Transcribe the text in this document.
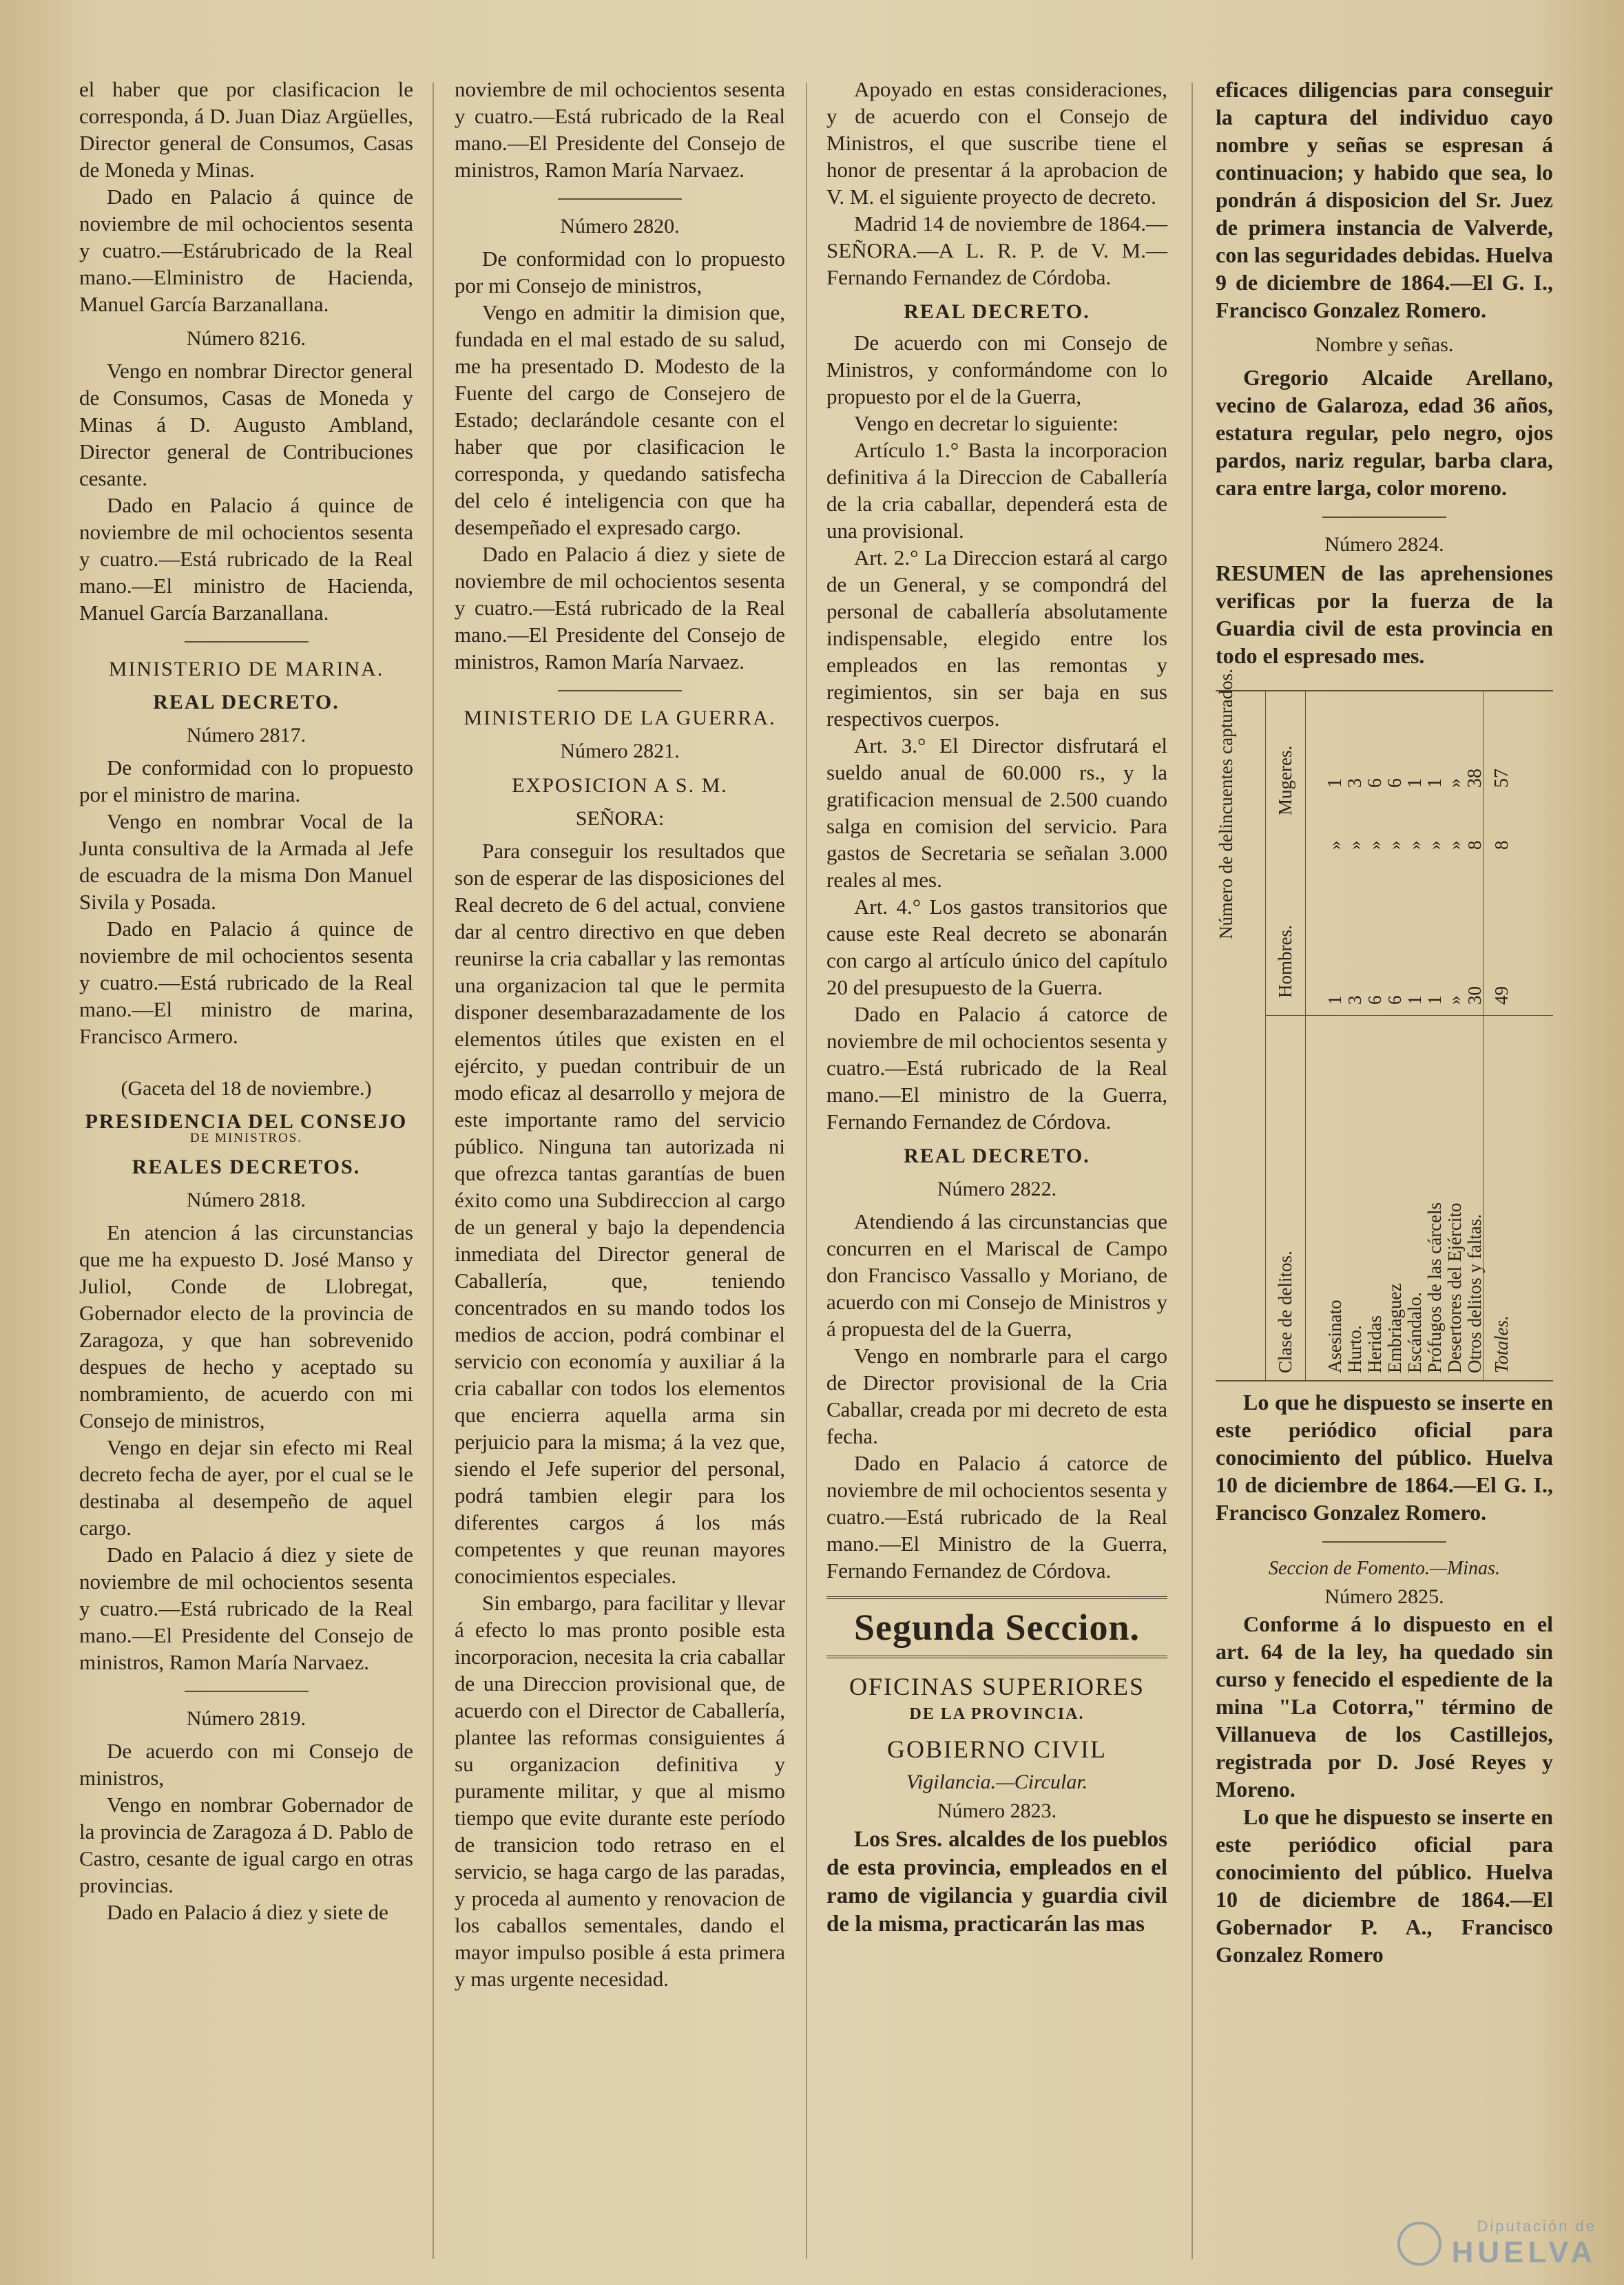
el haber que por clasificacion le corresponda, á D. Juan Diaz Argüelles, Director general de Consumos, Casas de Moneda y Minas.

Dado en Palacio á quince de noviembre de mil ochocientos sesenta y cuatro.—Estárubricado de la Real mano.—Elministro de Hacienda, Manuel García Barzanallana.

Número 8216.

Vengo en nombrar Director general de Consumos, Casas de Moneda y Minas á D. Augusto Ambland, Director general de Contribuciones cesante.

Dado en Palacio á quince de noviembre de mil ochocientos sesenta y cuatro.—Está rubricado de la Real mano.—El ministro de Hacienda, Manuel García Barzanallana.

MINISTERIO DE MARINA.
REAL DECRETO.
Número 2817.

De conformidad con lo propuesto por el ministro de marina.

Vengo en nombrar Vocal de la Junta consultiva de la Armada al Jefe de escuadra de la misma Don Manuel Sivila y Posada.

Dado en Palacio á quince de noviembre de mil ochocientos sesenta y cuatro.—Está rubricado de la Real mano.—El ministro de marina, Francisco Armero.

(Gaceta del 18 de noviembre.)
PRESIDENCIA DEL CONSEJO
DE MINISTROS.
REALES DECRETOS.
Número 2818.

En atencion á las circunstancias que me ha expuesto D. José Manso y Juliol, Conde de Llobregat, Gobernador electo de la provincia de Zaragoza, y que han sobrevenido despues de hecho y aceptado su nombramiento, de acuerdo con mi Consejo de ministros,

Vengo en dejar sin efecto mi Real decreto fecha de ayer, por el cual se le destinaba al desempeño de aquel cargo.

Dado en Palacio á diez y siete de noviembre de mil ochocientos sesenta y cuatro.—Está rubricado de la Real mano.—El Presidente del Consejo de ministros, Ramon María Narvaez.

Número 2819.

De acuerdo con mi Consejo de ministros,

Vengo en nombrar Gobernador de la provincia de Zaragoza á D. Pablo de Castro, cesante de igual cargo en otras provincias.

Dado en Palacio á diez y siete de

noviembre de mil ochocientos sesenta y cuatro.—Está rubricado de la Real mano.—El Presidente del Consejo de ministros, Ramon María Narvaez.

Número 2820.

De conformidad con lo propuesto por mi Consejo de ministros,

Vengo en admitir la dimision que, fundada en el mal estado de su salud, me ha presentado D. Modesto de la Fuente del cargo de Consejero de Estado; declarándole cesante con el haber que por clasificacion le corresponda, y quedando satisfecha del celo é inteligencia con que ha desempeñado el expresado cargo.

Dado en Palacio á diez y siete de noviembre de mil ochocientos sesenta y cuatro.—Está rubricado de la Real mano.—El Presidente del Consejo de ministros, Ramon María Narvaez.

MINISTERIO DE LA GUERRA.
Número 2821.
EXPOSICION A S. M.
SEÑORA:

Para conseguir los resultados que son de esperar de las disposiciones del Real decreto de 6 del actual, conviene dar al centro directivo en que deben reunirse la cria caballar y las remontas una organizacion tal que le permita disponer desembarazadamente de los elementos útiles que existen en el ejército, y puedan contribuir de un modo eficaz al desarrollo y mejora de este importante ramo del servicio público. Ninguna tan autorizada ni que ofrezca tantas garantías de buen éxito como una Subdireccion al cargo de un general y bajo la dependencia inmediata del Director general de Caballería, que, teniendo concentrados en su mando todos los medios de accion, podrá combinar el servicio con economía y auxiliar á la cria caballar con todos los elementos que encierra aquella arma sin perjuicio para la misma; á la vez que, siendo el Jefe superior del personal, podrá tambien elegir para los diferentes cargos á los más competentes y que reunan mayores conocimientos especiales.

Sin embargo, para facilitar y llevar á efecto lo mas pronto posible esta incorporacion, necesita la cria caballar de una Direccion provisional que, de acuerdo con el Director de Caballería, plantee las reformas consiguientes á su organizacion definitiva y puramente militar, y que al mismo tiempo que evite durante este período de transicion todo retraso en el servicio, se haga cargo de las paradas, y proceda al aumento y renovacion de los caballos sementales, dando el mayor impulso posible á esta primera y mas urgente necesidad.

Apoyado en estas consideraciones, y de acuerdo con el Consejo de Ministros, el que suscribe tiene el honor de presentar á la aprobacion de V. M. el siguiente proyecto de decreto.

Madrid 14 de noviembre de 1864.—SEÑORA.—A L. R. P. de V. M.—Fernando Fernandez de Córdoba.

REAL DECRETO.

De acuerdo con mi Consejo de Ministros, y conformándome con lo propuesto por el de la Guerra,

Vengo en decretar lo siguiente:

Artículo 1.° Basta la incorporacion definitiva á la Direccion de Caballería de la cria caballar, dependerá esta de una provisional.

Art. 2.° La Direccion estará al cargo de un General, y se compondrá del personal de caballería absolutamente indispensable, elegido entre los empleados en las remontas y regimientos, sin ser baja en sus respectivos cuerpos.

Art. 3.° El Director disfrutará el sueldo anual de 60.000 rs., y la gratificacion mensual de 2.500 cuando salga en comision del servicio. Para gastos de Secretaria se señalan 3.000 reales al mes.

Art. 4.° Los gastos transitorios que cause este Real decreto se abonarán con cargo al artículo único del capítulo 20 del presupuesto de la Guerra.

Dado en Palacio á catorce de noviembre de mil ochocientos sesenta y cuatro.—Está rubricado de la Real mano.—El ministro de la Guerra, Fernando Fernandez de Córdova.

REAL DECRETO.
Número 2822.

Atendiendo á las circunstancias que concurren en el Mariscal de Campo don Francisco Vassallo y Moriano, de acuerdo con mi Consejo de Ministros y á propuesta del de la Guerra,

Vengo en nombrarle para el cargo de Director provisional de la Cria Caballar, creada por mi decreto de esta fecha.

Dado en Palacio á catorce de noviembre de mil ochocientos sesenta y cuatro.—Está rubricado de la Real mano.—El Ministro de la Guerra, Fernando Fernandez de Córdova.

Segunda Seccion.
OFICINAS SUPERIORES
DE LA PROVINCIA.
GOBIERNO CIVIL
Vigilancia.—Circular.
Número 2823.

Los Sres. alcaldes de los pueblos de esta provincia, empleados en el ramo de vigilancia y guardia civil de la misma, practicarán las mas

eficaces diligencias para conseguir la captura del individuo cayo nombre y señas se espresan á continuacion; y habido que sea, lo pondrán á disposicion del Sr. Juez de primera instancia de Valverde, con las seguridades debidas. Huelva 9 de diciembre de 1864.—El G. I., Francisco Gonzalez Romero.

Nombre y señas.

Gregorio Alcaide Arellano, vecino de Galaroza, edad 36 años, estatura regular, pelo negro, ojos pardos, nariz regular, barba clara, cara entre larga, color moreno.

Número 2824.

RESUMEN de las aprehensiones verificas por la fuerza de la Guardia civil de esta provincia en todo el espresado mes.

Número de delincuentes capturados.
Hombres.
Mugeres.
Clase de delitos. Asesinato
1
»
Hurto.
3
»
Heridas
6
»
Embriaguez
6
»
Escándalo.
1
»
Prófugos de las cárcels
1
»
Desertores del Ejército
»
»
Otros delitos y faltas.
30
8
Totales.
49
8
1
3
6
6
1
1
»
38 57

Lo que he dispuesto se inserte en este periódico oficial para conocimiento del público. Huelva 10 de diciembre de 1864.—El G. I., Francisco Gonzalez Romero.

Seccion de Fomento.—Minas.
Número 2825.

Conforme á lo dispuesto en el art. 64 de la ley, ha quedado sin curso y fenecido el espediente de la mina "La Cotorra," término de Villanueva de los Castillejos, registrada por D. José Reyes y Moreno.

Lo que he dispuesto se inserte en este periódico oficial para conocimiento del público. Huelva 10 de diciembre de 1864.—El Gobernador P. A., Francisco Gonzalez Romero

Diputación de
HUELVA
